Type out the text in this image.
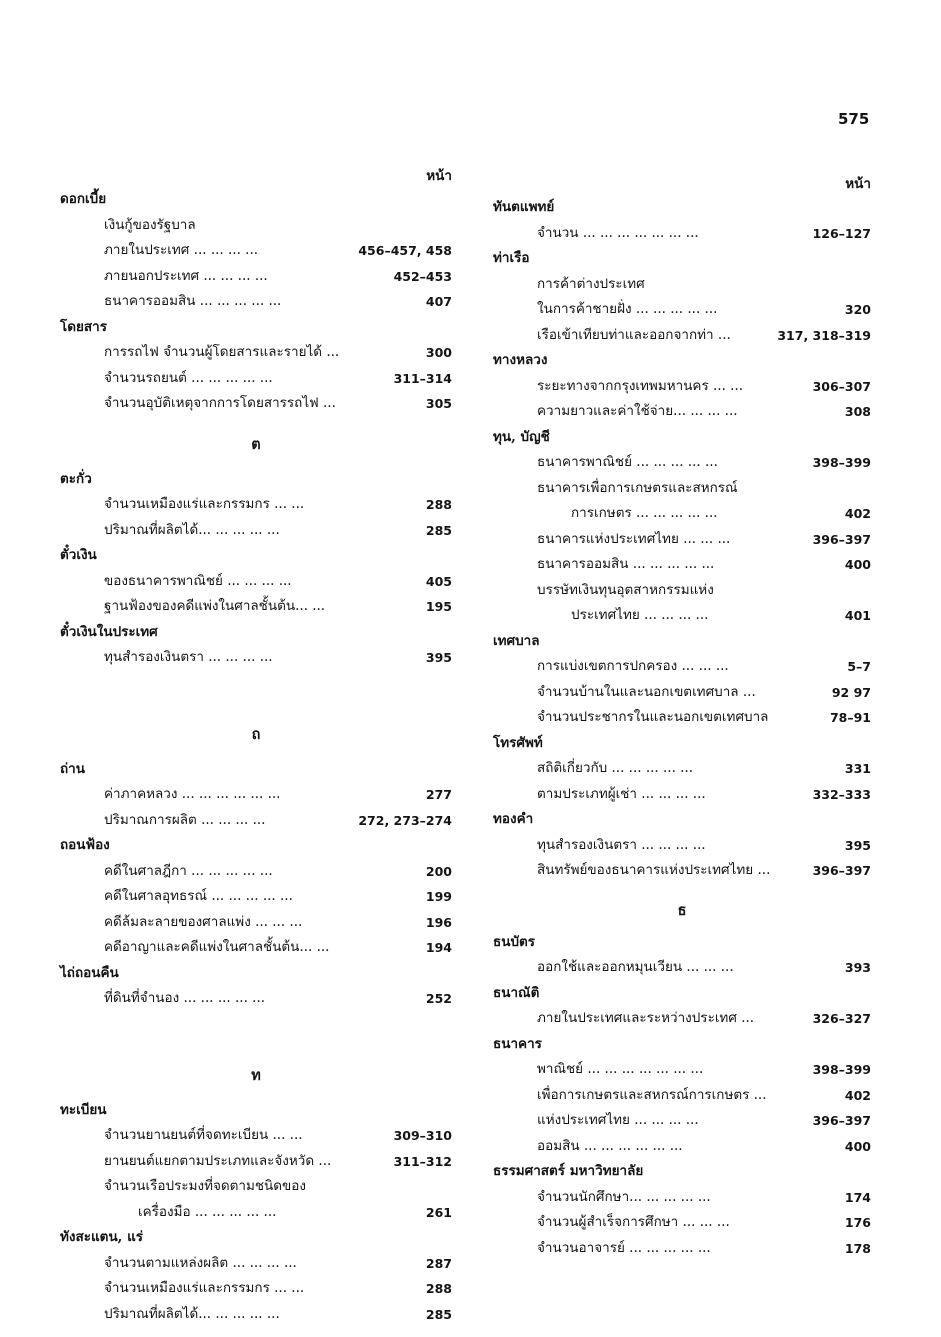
575
หน้า
ดอกเบี้ย
เงินกู้ของรัฐบาล
ภายในประเทศ ... ... ... ...	456–457, 458
ภายนอกประเทศ ... ... ... ...	452–453
ธนาคารออมสิน ... ... ... ... ...	407
โดยสาร
การรถไฟ จำนวนผู้โดยสารและรายได้ ...	300
จำนวนรถยนต์ ... ... ... ... ...	311–314
จำนวนอุบัติเหตุจากการโดยสารรถไฟ ...	305
ต
ตะกั่ว
จำนวนเหมืองแร่และกรรมกร ... ...	288
ปริมาณที่ผลิตได้... ... ... ... ...	285
ตั๋วเงิน
ของธนาคารพาณิชย์ ... ... ... ...	405
ฐานฟ้องของคดีแพ่งในศาลชั้นต้น... ...	195
ตั๋วเงินในประเทศ
ทุนสำรองเงินตรา ... ... ... ...	395
ถ
ถ่าน
ค่าภาคหลวง ... ... ... ... ... ...	277
ปริมาณการผลิต ... ... ... ...	272, 273–274
ถอนฟ้อง
คดีในศาลฎีกา ... ... ... ... ...	200
คดีในศาลอุทธรณ์ ... ... ... ... ...	199
คดีล้มละลายของศาลแพ่ง ... ... ...	196
คดีอาญาและคดีแพ่งในศาลชั้นต้น... ...	194
ไถ่ถอนคืน
ที่ดินที่จำนอง ... ... ... ... ...	252
ท
ทะเบียน
จำนวนยานยนต์ที่จดทะเบียน ... ...	309–310
ยานยนต์แยกตามประเภทและจังหวัด ...	311–312
จำนวนเรือประมงที่จดตามชนิดของ
เครื่องมือ ... ... ... ... ...	261
ทังสะแตน, แร่
จำนวนตามแหล่งผลิต ... ... ... ...	287
จำนวนเหมืองแร่และกรรมกร ... ...	288
ปริมาณที่ผลิตได้... ... ... ... ...	285
หน้า
ทันตแพทย์
จำนวน ... ... ... ... ... ... ...	126–127
ท่าเรือ
การค้าต่างประเทศ
ในการค้าชายฝั่ง ... ... ... ... ...	320
เรือเข้าเทียบท่าและออกจากท่า ...	317, 318–319
ทางหลวง
ระยะทางจากกรุงเทพมหานคร ... ...	306–307
ความยาวและค่าใช้จ่าย... ... ... ...	308
ทุน, บัญชี
ธนาคารพาณิชย์ ... ... ... ... ...	398–399
ธนาคารเพื่อการเกษตรและสหกรณ์
การเกษตร ... ... ... ... ...	402
ธนาคารแห่งประเทศไทย ... ... ...	396–397
ธนาคารออมสิน ... ... ... ... ...	400
บรรษัทเงินทุนอุตสาหกรรมแห่ง
ประเทศไทย ... ... ... ...	401
เทศบาล
การแบ่งเขตการปกครอง ... ... ...	5–7
จำนวนบ้านในและนอกเขตเทศบาล ...	92 97
จำนวนประชากรในและนอกเขตเทศบาล	78–91
โทรศัพท์
สถิติเกี่ยวกับ ... ... ... ... ...	331
ตามประเภทผู้เช่า ... ... ... ...	332–333
ทองคำ
ทุนสำรองเงินตรา ... ... ... ...	395
สินทรัพย์ของธนาคารแห่งประเทศไทย ...	396–397
ธ
ธนบัตร
ออกใช้และออกหมุนเวียน ... ... ...	393
ธนาณัติ
ภายในประเทศและระหว่างประเทศ ...	326–327
ธนาคาร
พาณิชย์ ... ... ... ... ... ... ...	398–399
เพื่อการเกษตรและสหกรณ์การเกษตร ...	402
แห่งประเทศไทย ... ... ... ...	396–397
ออมสิน ... ... ... ... ... ...	400
ธรรมศาสตร์ มหาวิทยาลัย
จำนวนนักศึกษา... ... ... ... ...	174
จำนวนผู้สำเร็จการศึกษา ... ... ...	176
จำนวนอาจารย์ ... ... ... ... ...	178
